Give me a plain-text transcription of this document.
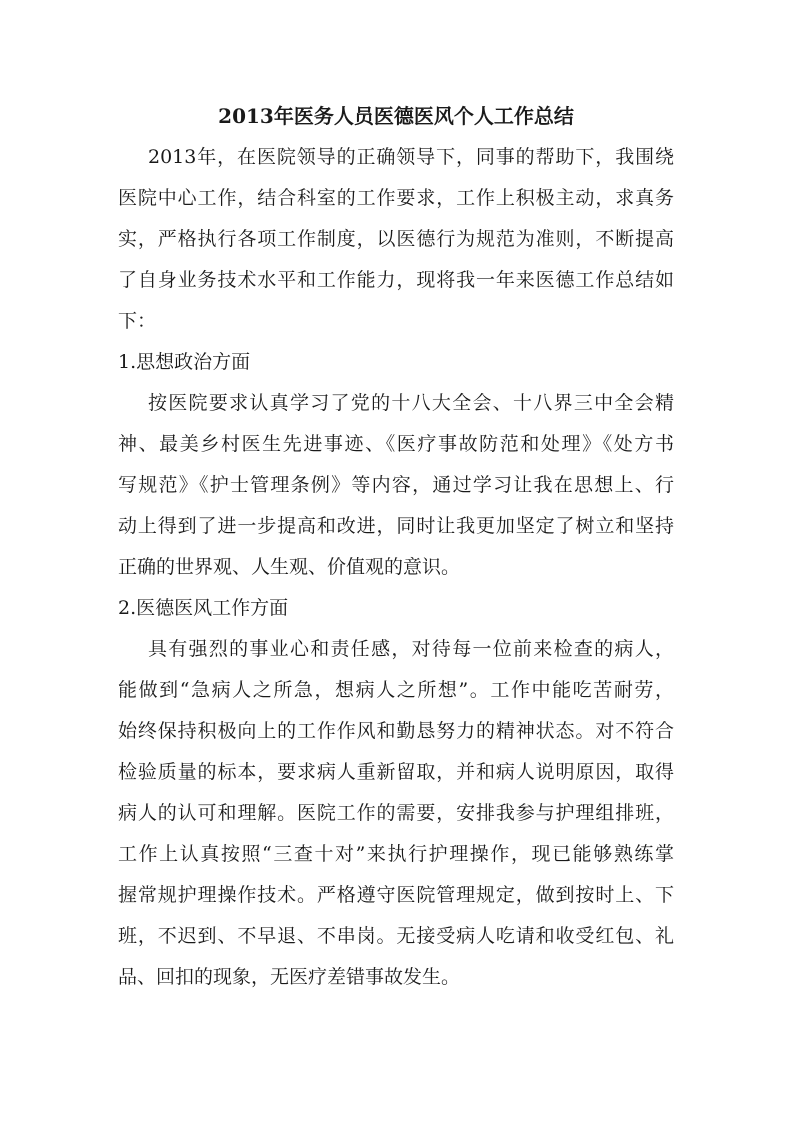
2013年医务人员医德医风个人工作总结
2013年，在医院领导的正确领导下，同事的帮助下，我围绕
医院中心工作，结合科室的工作要求，工作上积极主动，求真务
实，严格执行各项工作制度，以医德行为规范为准则，不断提高
了自身业务技术水平和工作能力，现将我一年来医德工作总结如
下：
1.思想政治方面
按医院要求认真学习了党的十八大全会、十八界三中全会精
神、最美乡村医生先进事迹、《医疗事故防范和处理》《处方书
写规范》《护士管理条例》等内容，通过学习让我在思想上、行
动上得到了进一步提高和改进，同时让我更加坚定了树立和坚持
正确的世界观、人生观、价值观的意识。
2.医德医风工作方面
具有强烈的事业心和责任感，对待每一位前来检查的病人，
能做到“急病人之所急，想病人之所想”。工作中能吃苦耐劳，
始终保持积极向上的工作作风和勤恳努力的精神状态。对不符合
检验质量的标本，要求病人重新留取，并和病人说明原因，取得
病人的认可和理解。医院工作的需要，安排我参与护理组排班，
工作上认真按照“三查十对”来执行护理操作，现已能够熟练掌
握常规护理操作技术。严格遵守医院管理规定，做到按时上、下
班，不迟到、不早退、不串岗。无接受病人吃请和收受红包、礼
品、回扣的现象，无医疗差错事故发生。
